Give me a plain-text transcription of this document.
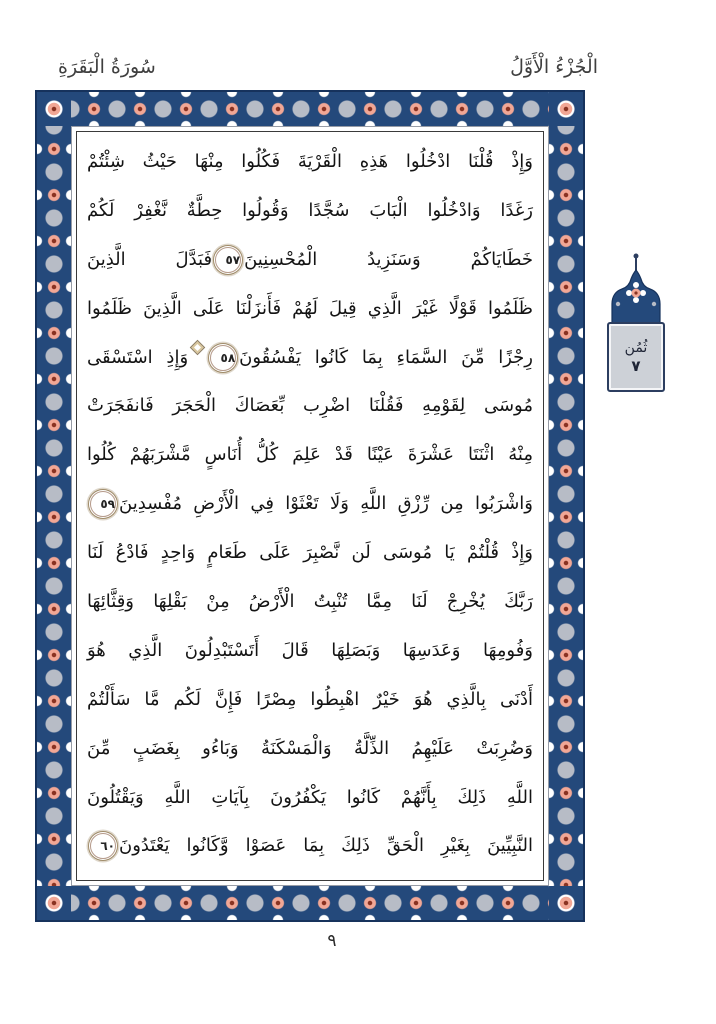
الْجُزْءُ الْأَوَّلُ
سُورَةُ الْبَقَرَةِ
وَإِذْ قُلْنَا ادْخُلُوا هَذِهِ الْقَرْيَةَ فَكُلُوا مِنْهَا حَيْثُ شِئْتُمْ
رَغَدًا وَادْخُلُوا الْبَابَ سُجَّدًا وَقُولُوا حِطَّةٌ نَّغْفِرْ لَكُمْ
خَطَايَاكُمْ وَسَنَزِيدُ الْمُحْسِنِينَ٥٧فَبَدَّلَ الَّذِينَ
ظَلَمُوا قَوْلًا غَيْرَ الَّذِي قِيلَ لَهُمْ فَأَنزَلْنَا عَلَى الَّذِينَ ظَلَمُوا
رِجْزًا مِّنَ السَّمَاءِ بِمَا كَانُوا يَفْسُقُونَ٥٨وَإِذِ اسْتَسْقَى
مُوسَى لِقَوْمِهِ فَقُلْنَا اضْرِب بِّعَصَاكَ الْحَجَرَ فَانفَجَرَتْ
مِنْهُ اثْنَتَا عَشْرَةَ عَيْنًا قَدْ عَلِمَ كُلُّ أُنَاسٍ مَّشْرَبَهُمْ كُلُوا
وَاشْرَبُوا مِن رِّزْقِ اللَّهِ وَلَا تَعْثَوْا فِي الْأَرْضِ مُفْسِدِينَ٥٩
وَإِذْ قُلْتُمْ يَا مُوسَى لَن نَّصْبِرَ عَلَى طَعَامٍ وَاحِدٍ فَادْعُ لَنَا
رَبَّكَ يُخْرِجْ لَنَا مِمَّا تُنْبِتُ الْأَرْضُ مِنْ بَقْلِهَا وَقِثَّائِهَا
وَفُومِهَا وَعَدَسِهَا وَبَصَلِهَا قَالَ أَتَسْتَبْدِلُونَ الَّذِي هُوَ
أَدْنَى بِالَّذِي هُوَ خَيْرٌ اهْبِطُوا مِصْرًا فَإِنَّ لَكُم مَّا سَأَلْتُمْ
وَضُرِبَتْ عَلَيْهِمُ الذِّلَّةُ وَالْمَسْكَنَةُ وَبَاءُو بِغَضَبٍ مِّنَ
اللَّهِ ذَلِكَ بِأَنَّهُمْ كَانُوا يَكْفُرُونَ بِآيَاتِ اللَّهِ وَيَقْتُلُونَ
النَّبِيِّينَ بِغَيْرِ الْحَقِّ ذَلِكَ بِمَا عَصَوْا وَّكَانُوا يَعْتَدُونَ٦٠
ثُمُن
٧
٩
